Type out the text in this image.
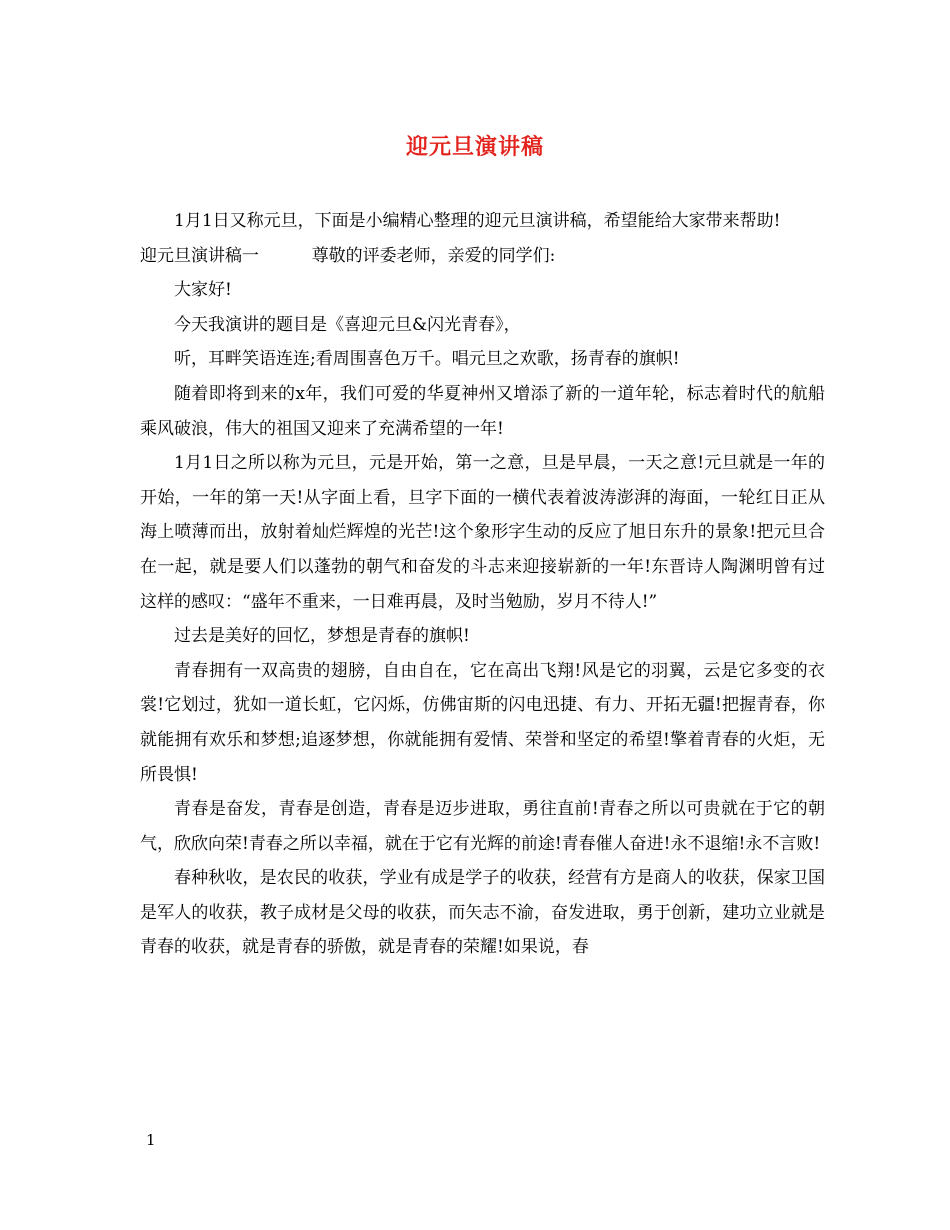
迎元旦演讲稿

1月1日又称元旦，下面是小编精心整理的迎元旦演讲稿，希望能给大家带来帮助!

迎元旦演讲稿一	尊敬的评委老师，亲爱的同学们:

大家好!

今天我演讲的题目是《喜迎元旦&闪光青春》，

听，耳畔笑语连连;看周围喜色万千。唱元旦之欢歌，扬青春的旗帜!

随着即将到来的x年，我们可爱的华夏神州又增添了新的一道年轮，标志着时代的航船乘风破浪，伟大的祖国又迎来了充满希望的一年!

1月1日之所以称为元旦，元是开始，第一之意，旦是早晨，一天之意!元旦就是一年的开始，一年的第一天!从字面上看，旦字下面的一横代表着波涛澎湃的海面，一轮红日正从海上喷薄而出，放射着灿烂辉煌的光芒!这个象形字生动的反应了旭日东升的景象!把元旦合在一起，就是要人们以蓬勃的朝气和奋发的斗志来迎接崭新的一年!东晋诗人陶渊明曾有过这样的感叹：“盛年不重来，一日难再晨，及时当勉励，岁月不待人!”

过去是美好的回忆，梦想是青春的旗帜!

青春拥有一双高贵的翅膀，自由自在，它在高出飞翔!风是它的羽翼，云是它多变的衣裳!它划过，犹如一道长虹，它闪烁，仿佛宙斯的闪电迅捷、有力、开拓无疆!把握青春，你就能拥有欢乐和梦想;追逐梦想，你就能拥有爱情、荣誉和坚定的希望!擎着青春的火炬，无所畏惧!

青春是奋发，青春是创造，青春是迈步进取，勇往直前!青春之所以可贵就在于它的朝气，欣欣向荣!青春之所以幸福，就在于它有光辉的前途!青春催人奋进!永不退缩!永不言败!

春种秋收，是农民的收获，学业有成是学子的收获，经营有方是商人的收获，保家卫国是军人的收获，教子成材是父母的收获，而矢志不渝，奋发进取，勇于创新，建功立业就是青春的收获，就是青春的骄傲，就是青春的荣耀!如果说，春

1
